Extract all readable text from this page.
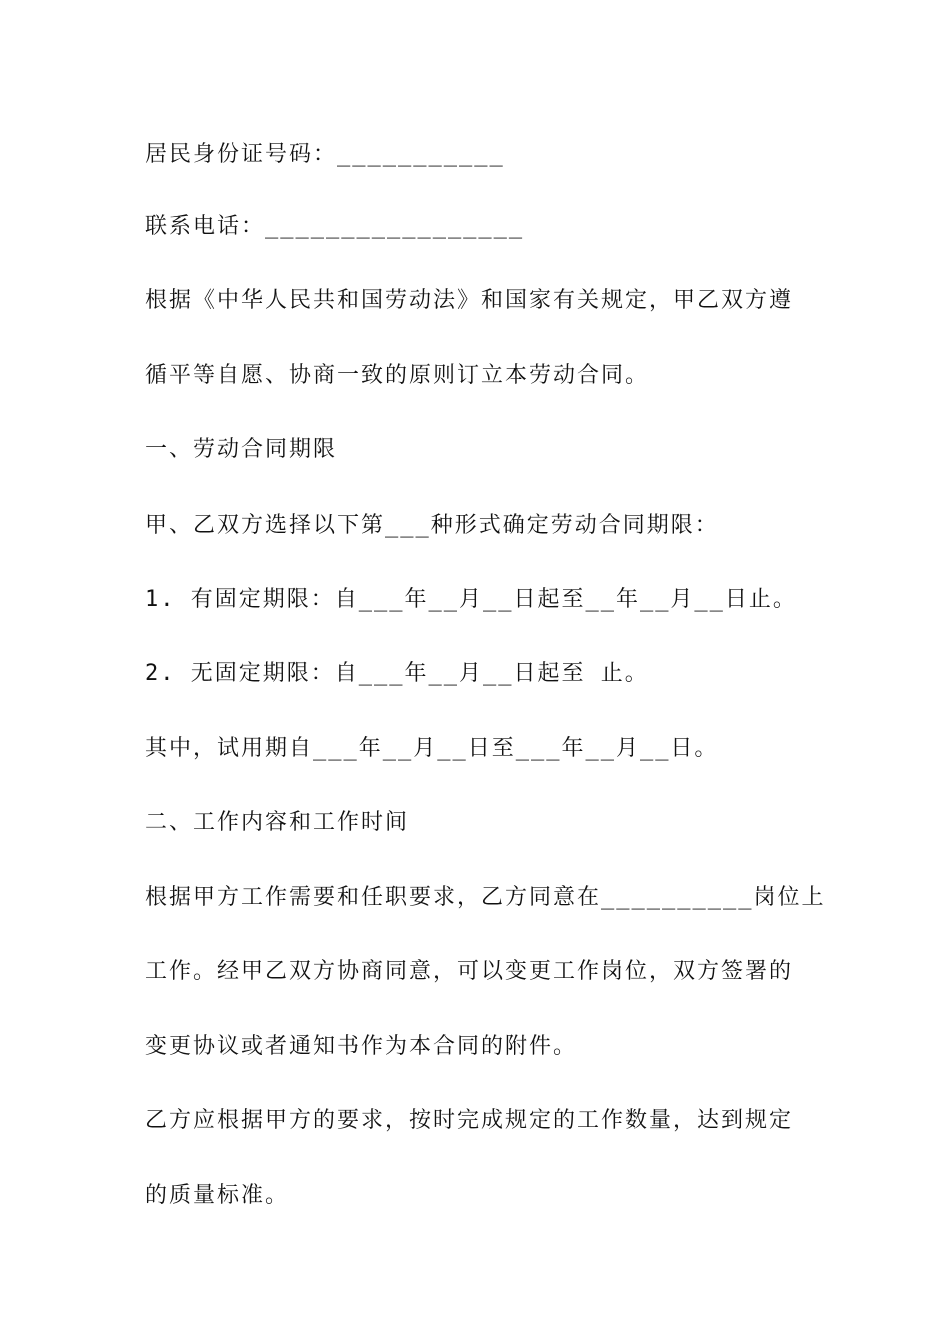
居民身份证号码：___________
联系电话：_________________
根据《中华人民共和国劳动法》和国家有关规定，甲乙双方遵
循平等自愿、协商一致的原则订立本劳动合同。
一、劳动合同期限
甲、乙双方选择以下第___种形式确定劳动合同期限：
1. 有固定期限：自___年__月__日起至__年__月__日止。
2. 无固定期限：自___年__月__日起至 止。
其中，试用期自___年__月__日至___年__月__日。
二、工作内容和工作时间
根据甲方工作需要和任职要求，乙方同意在__________岗位上
工作。经甲乙双方协商同意，可以变更工作岗位，双方签署的
变更协议或者通知书作为本合同的附件。
乙方应根据甲方的要求，按时完成规定的工作数量，达到规定
的质量标准。
